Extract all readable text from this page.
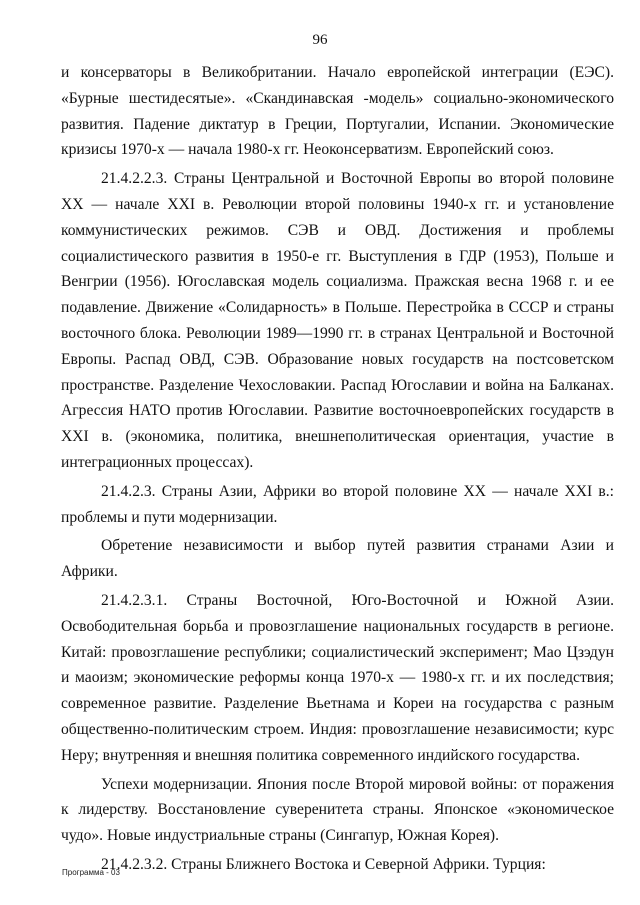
96

и консерваторы в Великобритании. Начало европейской интеграции (ЕЭС). «Бурные шестидесятые». «Скандинавская -модель» социально-экономического развития. Падение диктатур в Греции, Португалии, Испании. Экономические кризисы 1970-х — начала 1980-х гг. Неоконсерватизм. Европейский союз.

21.4.2.2.3. Страны Центральной и Восточной Европы во второй половине XX — начале XXI в. Революции второй половины 1940-х гг. и установление коммунистических режимов. СЭВ и ОВД. Достижения и проблемы социалистического развития в 1950-е гг. Выступления в ГДР (1953), Польше и Венгрии (1956). Югославская модель социализма. Пражская весна 1968 г. и ее подавление. Движение «Солидарность» в Польше. Перестройка в СССР и страны восточного блока. Революции 1989—1990 гг. в странах Центральной и Восточной Европы. Распад ОВД, СЭВ. Образование новых государств на постсоветском пространстве. Разделение Чехословакии. Распад Югославии и война на Балканах. Агрессия НАТО против Югославии. Развитие восточноевропейских государств в XXI в. (экономика, политика, внешнеполитическая ориентация, участие в интеграционных процессах).

21.4.2.3. Страны Азии, Африки во второй половине XX — начале XXI в.: проблемы и пути модернизации.

Обретение независимости и выбор путей развития странами Азии и Африки.

21.4.2.3.1. Страны Восточной, Юго-Восточной и Южной Азии. Освободительная борьба и провозглашение национальных государств в регионе. Китай: провозглашение республики; социалистический эксперимент; Мао Цзэдун и маоизм; экономические реформы конца 1970-х — 1980-х гг. и их последствия; современное развитие. Разделение Вьетнама и Кореи на государства с разным общественно-политическим строем. Индия: провозглашение независимости; курс Неру; внутренняя и внешняя политика современного индийского государства.

Успехи модернизации. Япония после Второй мировой войны: от поражения к лидерству. Восстановление суверенитета страны. Японское «экономическое чудо». Новые индустриальные страны (Сингапур, Южная Корея).

21.4.2.3.2. Страны Ближнего Востока и Северной Африки. Турция:

Программа - 03
